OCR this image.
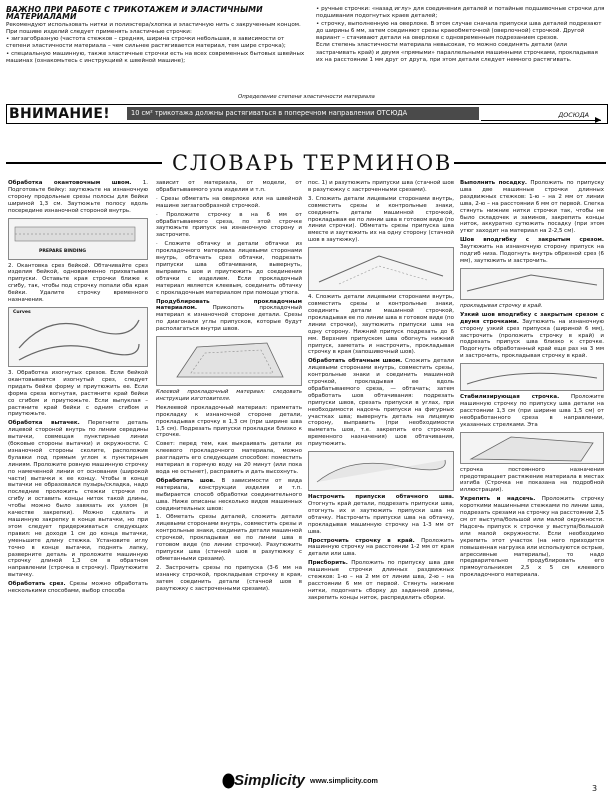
ВАЖНО ПРИ РАБОТЕ С ТРИКОТАЖЕМ И ЭЛАСТИЧНЫМИ МАТЕРИАЛАМИ

Рекомендуют использовать нитки и полиэстера/хлопка и эластичную нить с закрученным концом.

При пошиве изделий следует применять эластичные строчки:

• зигзагобразную (частота стежков – средняя, ширина строчки небольшая, в зависимости от степени эластичности материала – чем сильнее растягивается материал, тем шире строчка);

• специальную машинную, также эластичные строчки есть на всех современных бытовых швейных машинах (ознакомьтесь с инструкцией к швейной машине);

• ручные строчки: «назад иглу» для соединения деталей и потайные подшивочные строчки для подшивания подогнутых краев деталей;

• строчку, выполненную на оверлоке. В этом случае сначала припуски шва деталей подрезают до ширины 6 мм, затем соединяют срезы краеобметочной (оверлочной) строчкой. Другой вариант – стачивают детали на оверлоке с одновременным подрезанием срезов.

Если степень эластичности материала невысокая, то можно соединять детали (или застрачивать край) и двумя «прямыми» параллельными машинными строчками, прокладывая их на расстоянии 1 мм друг от друга, при этом детали следует немного растягивать.

Определение степени эластичности материала
ВНИМАНИЕ!	10 см² трикотажа должны растягиваться в поперечном направлении ОТСЮДА	ДОСЮДА
СЛОВАРЬ ТЕРМИНОВ

Обработка окантовочным швом. 1. Подготовьте бейку: заутюжьте на изнаночную сторону продольные срезы полосы для бейки шириной 1,3 см. Заутюжьте полосу вдоль посередине изнаночной стороной внутрь.

PREPARE BINDING

2. Окантовка срез бейкой. Обтачивайте срез изделия бейкой, одновременно прихватывая припуски. Оставьте края строчки ближе к сгибу, так, чтобы под строчку попали оба края бейки. Удалите строчку временного назначения.

Curves

3. Обработка изогнутых срезов. Если бейкой окантовывается изогнутый срез, следует придать бейке форму и приутюжить ее. Если форма среза вогнутая, растяните край бейки со сгибом и приутюжьте. Если выпуклая – растяните край бейки с одним сгибом и приутюжьте.

Обработка вытачек. Перегните деталь лицевой стороной внутрь по линии середины вытачки, совмещая пунктирные линии (боковые стороны вытачки) и окружности. С изнаночной стороны сколите, расположив булавки под прямым углом к пунктирным линиям. Проложите ровную машинную строчку по намеченной линии от основания (широкой части) вытачки к ее концу. Чтобы в конце вытачки не образовался пузырь/складка, надо последние проложить стежки строчки по сгибу и оставить концы ниток такой длины, чтобы можно было завязать их узлом (в качестве закрепки). Можно сделать и машинную закрепку в конце вытачки, но при этом следует придерживаться следующих правил: не доходя 1 см до конца вытачки, уменьшите длину стежка. Установите иглу точно в конце вытачки, поднять лапку, разверните деталь и проложите машинную строчку длиной 1,3 см в обратном направлении (строчка в строчку). Приутюжите вытачку.

Обработать срез. Срезы можно обработать несколькими способами, выбор способа

зависит от материала, от модели, от обрабатываемого узла изделия и т.п.

· Срезы обметать на оверлоке или на швейной машине зигзагообразной строчкой.

· Проложите строчку в на 6 мм от обрабатываемого среза, по этой строчке заутюжьте припуск на изнаночную сторону и застрочите.

· Сложите обтачку и детали обтачки из прокладочного материала лицевыми сторонами внутрь, обтачать срез обтачки, подрезать припуски шва обтачивания, вывернуть, выправить шов и приутюжить до соединения обтачки с изделием. Если прокладочный материал является клеевым, соединить обтачку с прокладочным материалом при помощи утюга.

Продублировать прокладочным материалом.	Приколоть прокладочный материал к изнаночной стороне детали. Срезы по диагонали углы припусков, которые будут располагаться внутри швов.

Клеевой прокладочный материал: следовать инструкции изготовителя.

Неклеевой прокладочный материал: приметать прокладку к изнаночной стороне детали, прокладывая строчку в 1,3 см (при ширине шва 1,5 см). Подрезать припуски прокладки близко к строчке.

Совет: перед тем, как выкраивать детали из клеевого прокладочного материала, можно разгладить его следующим способом: поместить материал в горячую воду на 20 минут (или пока вода не остынет), расправить и дать высохнуть.

Обработать шов. В зависимости от вида материала, конструкции изделия и т.п. выбирается способ обработки соединительного шва. Ниже описаны несколько видов машинных соединительных швов:

1. Обметать срезы деталей, сложить детали лицевыми сторонами внутрь, совместить срезы и контрольные знаки, соединить детали машинной строчкой, прокладывая ее по линии шва в готовом виде (по линии строчки). Разутюжить припуски шва (стачной шов в разутюжку с обметанными срезами).

2. Застрочить срезы по припуска (3-6 мм на изнанку строчкой, прокладывая строчку в края, затем соединить детали (стачной шов в разутюжку с застроченными срезами).

пос. 1) и разутюжить припуски шва (стачной шов в разутюжку с застроченными срезами).

3. Сложить детали лицевыми сторонами внутрь, совместить срезы и контрольные знаки, соединить детали машинной строчкой, прокладывая ее по линии шва в готовом виде (по линии строчки). Обметать срезы припуска шва вместе и заутюжить их на одну сторону (стачной шов в заутюжку).

4. Сложить детали лицевыми сторонами внутрь, совместить срезы и контрольные знаки, соединить детали машинной строчкой, прокладывая ее по линии шва в готовом виде (по линии строчки), заутюжить припуски шва на одну сторону. Нижний припуск подрезать до 6 мм. Верхним припуском шва обогнуть нижний припуск, заметать и настрочить, прокладывая строчку в края (запошивочный шов).

Обработать обтачным швом. Сложить детали лицевыми сторонами внутрь, совместить срезы, контрольные знаки и соединить машинной строчкой, прокладывая ее вдоль обрабатываемого среза, — обтачать; затем обработать шов обтачивания: подрезать припуски швов, срезать припуски в углах, при необходимости надсечь припуски на фигурных участках шва; вывернуть деталь на лицевую сторону, выправить (при необходимости выметать шов, т.е. закрепить его строчкой временного назначения) шов обтачивания, приутюжить.

Настрочить припуски обтачного шва. Отогнуть край детали, подрезать припуски шва, отогнуть их и заутюжить припуски шва на обтачку. Настрочить припуски шва на обтачку, прокладывая машинную строчку на 1-3 мм от шва.

Прострочить строчку в край. Проложить машинную строчку на расстоянии 1-2 мм от края детали или шва.

Присборить. Проложить по припуску шва две машинные строчки длинных раздвижных стежков: 1-ю – на 2 мм от линии шва, 2-ю – на расстоянии 6 мм от первой. Стянуть нижние нитки, подогнать сборку до заданной длины, закрепить концы ниток, распределить сборки.

Выполнить посадку. Проложить по припуску шва две машинные строчки длинных раздвижных стежков: 1-ю – на 2 мм от линии шва, 2-ю – на расстоянии 6 мм от первой. Слегка стянуть нижние нитки строчки так, чтобы не было складочек и заминов, закрепить концы ниток, аккуратно сутюжить посадку (при этом утюг заходит на материал на 2-2,5 см).

Шов вподгибку с закрытым срезом. Заутюжить на изнаночную сторону припуск на подгиб низа. Подогнуть внутрь обрезной срез (6 мм), заутюжить и застрочить.

прокладывая строчку в край.

Узкий шов вподгибку с закрытым срезом с двумя строчками. Заутюжить на изнаночную сторону узкий срез припуска (шириной 6 мм), застрочить (проложить строчку в край) и подрезать припуск шва близко к строчке. Подогнуть обработанный край еще раз на 3 мм и застрочить, прокладывая строчку в край.

Стабилизирующая строчка. Проложите машинную строчку по припуску шва детали на расстоянии 1,3 см (при ширине шва 1,5 см) от необработанного среза в направлении, указанных стрелками. Эта

строчка постоянного назначения предотвращает растяжение материала в местах изгиба (Строчка не показана на подробной иллюстрации).

Укрепить и надсечь. Проложить строчку короткими машинными стежками по линии шва, подрезать срезами на строчку на расстоянии 2,5 см от выступа/большой или малой окружности. Надсечь припуск к строчке у выступа/большой или малой окружности. Если необходимо укрепить этот участок (на него приходится повышенная нагрузка или используются острые, агрессивные материалы), то надо предварительно продублировать его прямоугольником 2,5 х 5 см клеевого прокладочного материала.

Simplicity www.simplicity.com
3
